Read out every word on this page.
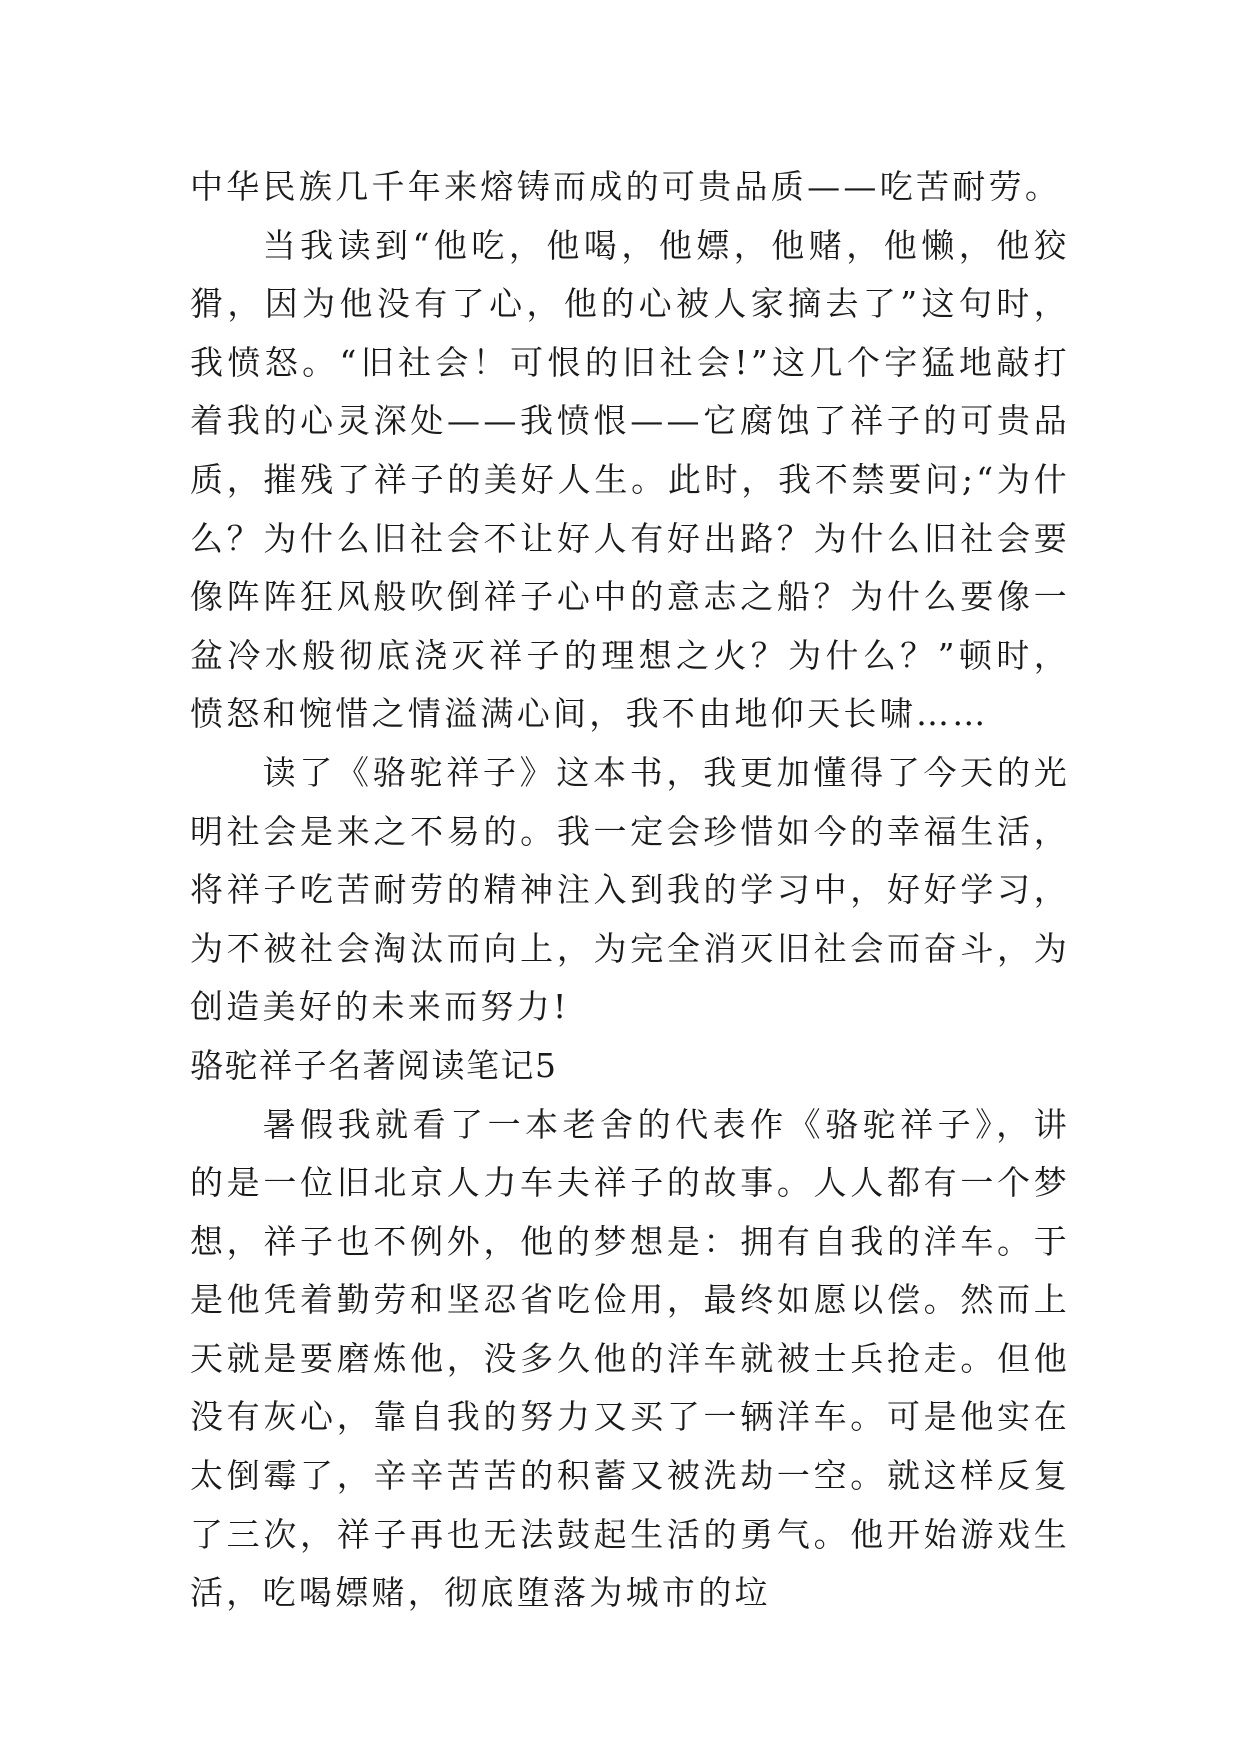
中华民族几千年来熔铸而成的可贵品质——吃苦耐劳。

当我读到“他吃，他喝，他嫖，他赌，他懒，他狡猾，因为他没有了心，他的心被人家摘去了”这句时，我愤怒。“旧社会！可恨的旧社会!”这几个字猛地敲打着我的心灵深处——我愤恨——它腐蚀了祥子的可贵品质，摧残了祥子的美好人生。此时，我不禁要问;“为什么？为什么旧社会不让好人有好出路？为什么旧社会要像阵阵狂风般吹倒祥子心中的意志之船？为什么要像一盆冷水般彻底浇灭祥子的理想之火？为什么？”顿时，愤怒和惋惜之情溢满心间，我不由地仰天长啸……

读了《骆驼祥子》这本书，我更加懂得了今天的光明社会是来之不易的。我一定会珍惜如今的幸福生活，将祥子吃苦耐劳的精神注入到我的学习中，好好学习，为不被社会淘汰而向上，为完全消灭旧社会而奋斗，为创造美好的未来而努力!

骆驼祥子名著阅读笔记5

暑假我就看了一本老舍的代表作《骆驼祥子》，讲的是一位旧北京人力车夫祥子的故事。人人都有一个梦想，祥子也不例外，他的梦想是：拥有自我的洋车。于是他凭着勤劳和坚忍省吃俭用，最终如愿以偿。然而上天就是要磨炼他，没多久他的洋车就被士兵抢走。但他没有灰心，靠自我的努力又买了一辆洋车。可是他实在太倒霉了，辛辛苦苦的积蓄又被洗劫一空。就这样反复了三次，祥子再也无法鼓起生活的勇气。他开始游戏生活，吃喝嫖赌，彻底堕落为城市的垃
